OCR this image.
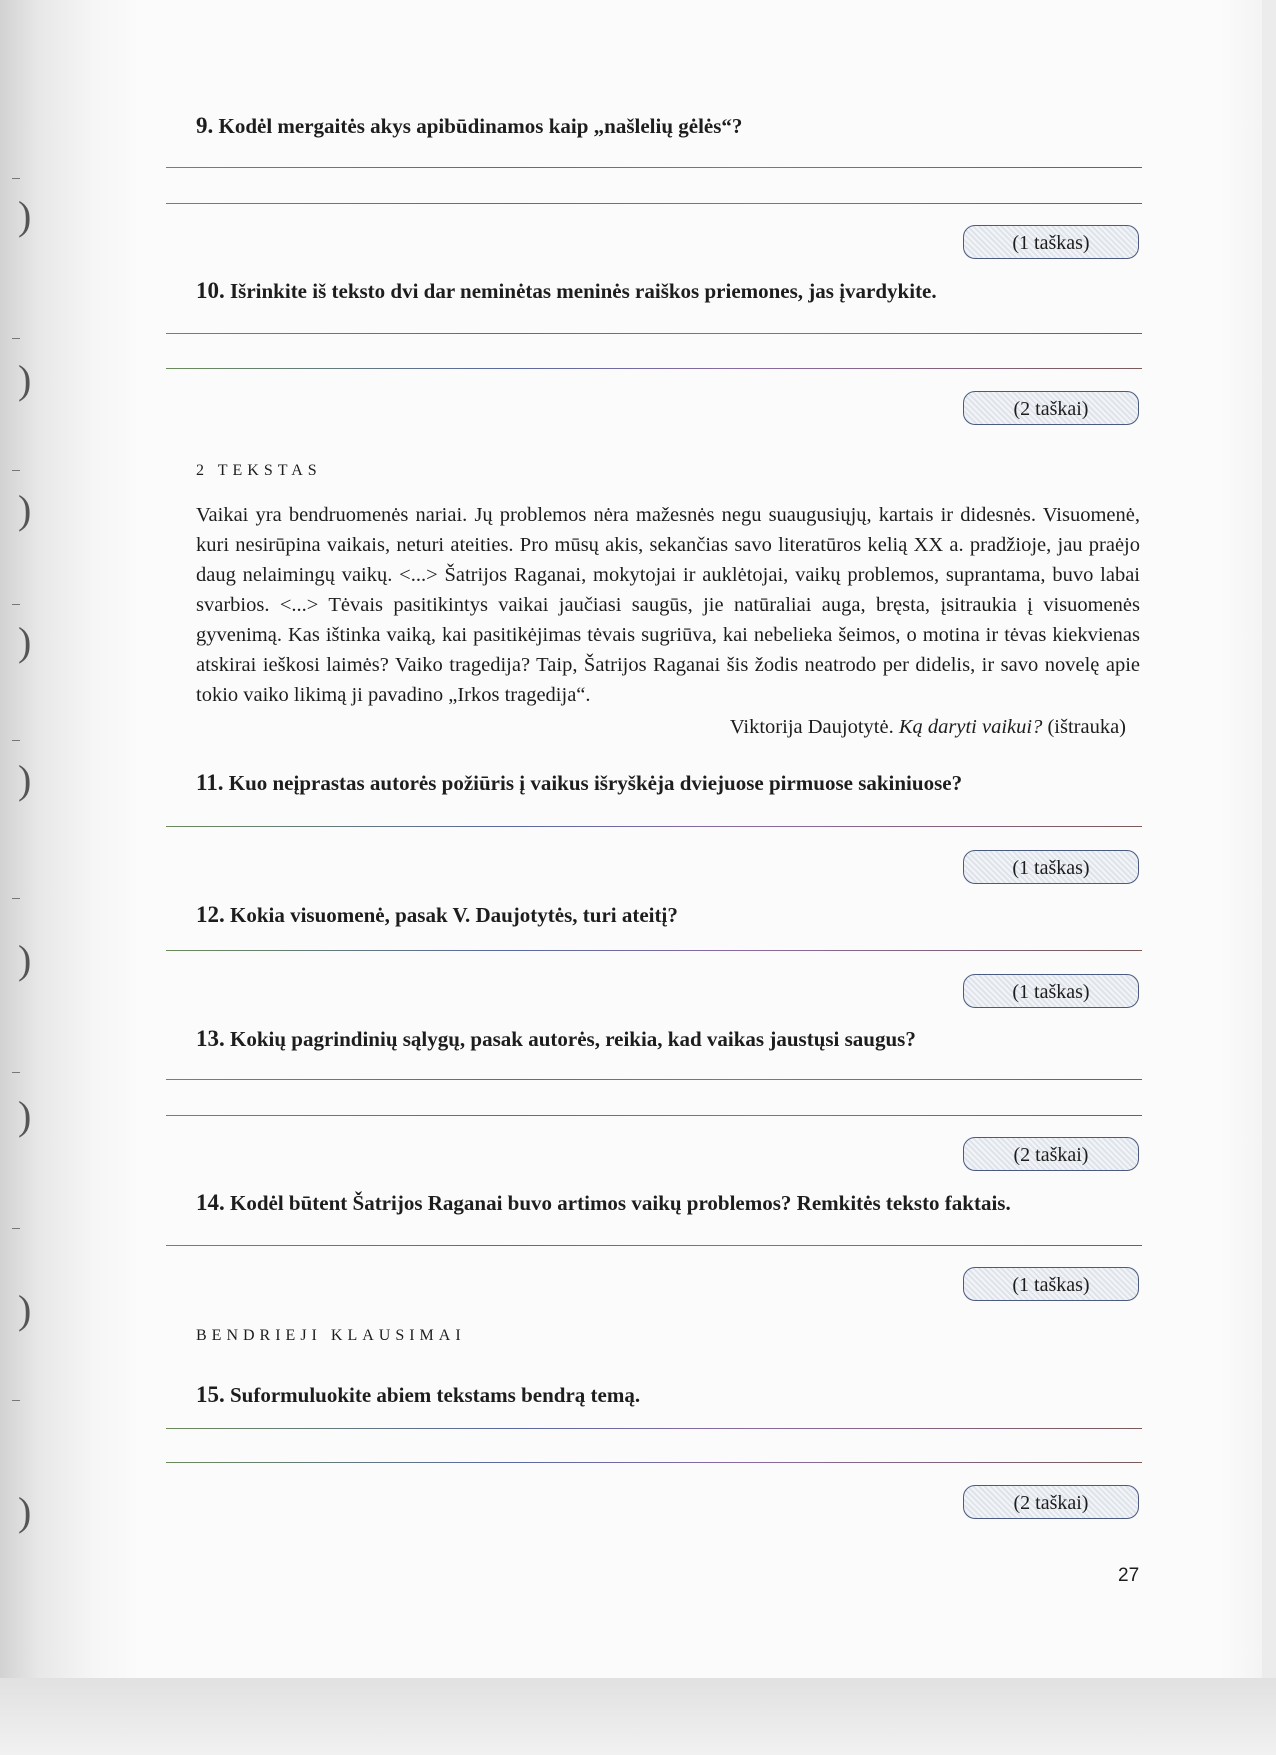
)
)
)
)
)
)
)
)
)
9. Kodėl mergaitės akys apibūdinamos kaip „našlelių gėlės“?
(1 taškas)
10. Išrinkite iš teksto dvi dar neminėtas meninės raiškos priemones, jas įvardykite.
(2 taškai)
2 TEKSTAS

Vaikai yra bendruomenės nariai. Jų problemos nėra mažesnės negu suaugusiųjų, kartais ir didesnės. Visuomenė, kuri nesirūpina vaikais, neturi ateities. Pro mūsų akis, sekančias savo literatūros kelią XX a. pradžioje, jau praėjo daug nelaimingų vaikų. <...> Šatrijos Raganai, mokytojai ir auklėtojai, vaikų problemos, suprantama, buvo labai svarbios. <...> Tėvais pasitikintys vaikai jaučiasi saugūs, jie natūraliai auga, bręsta, įsitraukia į visuomenės gyvenimą. Kas ištinka vaiką, kai pasitikėjimas tėvais sugriūva, kai nebelieka šeimos, o motina ir tėvas kiekvienas atskirai ieškosi laimės? Vaiko tragedija? Taip, Šatrijos Raganai šis žodis neatrodo per didelis, ir savo novelę apie tokio vaiko likimą ji pavadino „Irkos tragedija“.

Viktorija Daujotytė. Ką daryti vaikui? (ištrauka)
11. Kuo neįprastas autorės požiūris į vaikus išryškėja dviejuose pirmuose sakiniuose?
(1 taškas)
12. Kokia visuomenė, pasak V. Daujotytės, turi ateitį?
(1 taškas)
13. Kokių pagrindinių sąlygų, pasak autorės, reikia, kad vaikas jaustųsi saugus?
(2 taškai)
14. Kodėl būtent Šatrijos Raganai buvo artimos vaikų problemos? Remkitės teksto faktais.
(1 taškas)
BENDRIEJI KLAUSIMAI
15. Suformuluokite abiem tekstams bendrą temą.
(2 taškai)
27
